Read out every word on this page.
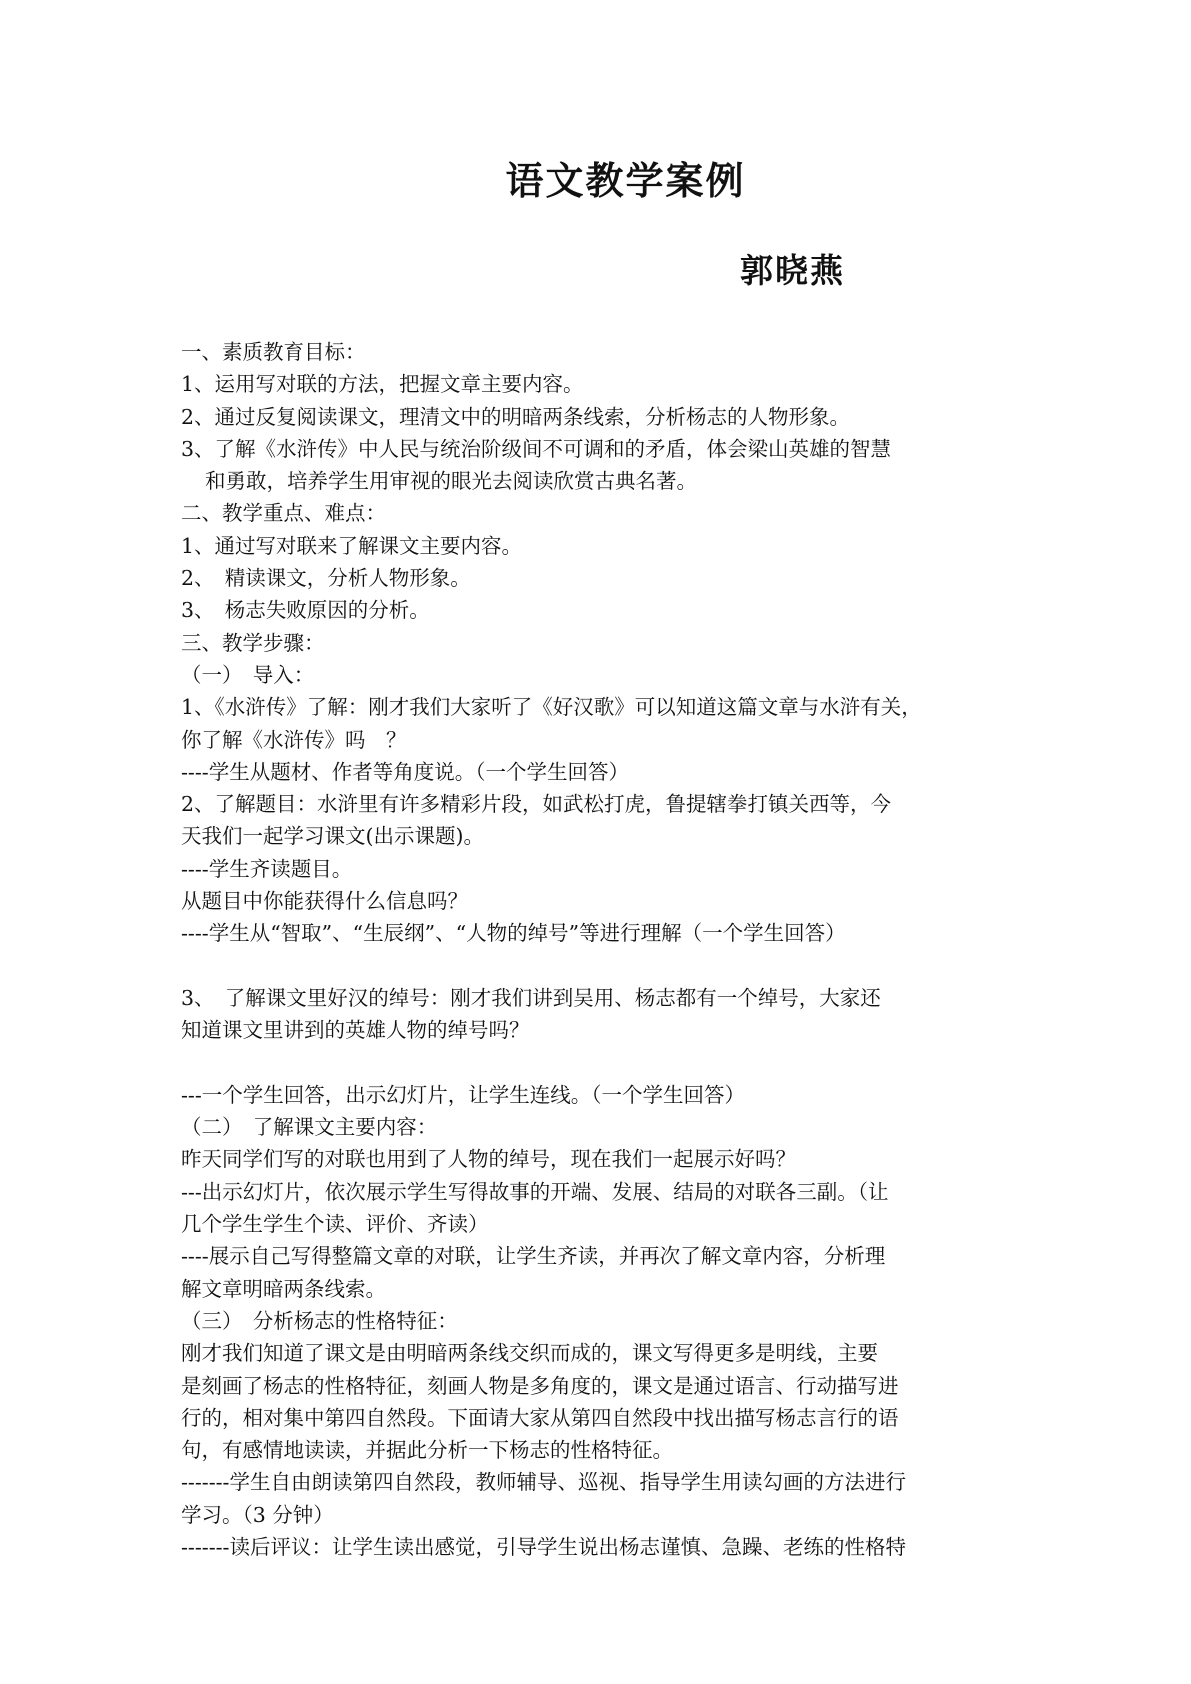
语文教学案例
郭晓燕
一、素质教育目标：
1、运用写对联的方法，把握文章主要内容。
2、通过反复阅读课文，理清文中的明暗两条线索，分析杨志的人物形象。
3、了解《水浒传》中人民与统治阶级间不可调和的矛盾，体会梁山英雄的智慧
和勇敢，培养学生用审视的眼光去阅读欣赏古典名著。
二、教学重点、难点：
1、通过写对联来了解课文主要内容。
2、　精读课文，分析人物形象。
3、　杨志失败原因的分析。
三、教学步骤：
（一）　导入：
1、《水浒传》了解：刚才我们大家听了《好汉歌》可以知道这篇文章与水浒有关，
你了解《水浒传》吗　？
----学生从题材、作者等角度说。（一个学生回答）
2、了解题目：水浒里有许多精彩片段，如武松打虎，鲁提辖拳打镇关西等，今
天我们一起学习课文(出示课题)。
----学生齐读题目。
从题目中你能获得什么信息吗？
----学生从“智取”、“生辰纲”、“人物的绰号”等进行理解（一个学生回答）
3、　了解课文里好汉的绰号：刚才我们讲到吴用、杨志都有一个绰号，大家还
知道课文里讲到的英雄人物的绰号吗？
---一个学生回答，出示幻灯片，让学生连线。（一个学生回答）
（二）　了解课文主要内容：
昨天同学们写的对联也用到了人物的绰号，现在我们一起展示好吗？
---出示幻灯片，依次展示学生写得故事的开端、发展、结局的对联各三副。（让
几个学生学生个读、评价、齐读）
----展示自己写得整篇文章的对联，让学生齐读，并再次了解文章内容，分析理
解文章明暗两条线索。
（三）　分析杨志的性格特征：
刚才我们知道了课文是由明暗两条线交织而成的，课文写得更多是明线，主要
是刻画了杨志的性格特征，刻画人物是多角度的，课文是通过语言、行动描写进
行的，相对集中第四自然段。下面请大家从第四自然段中找出描写杨志言行的语
句，有感情地读读，并据此分析一下杨志的性格特征。
-------学生自由朗读第四自然段，教师辅导、巡视、指导学生用读勾画的方法进行
学习。（3 分钟）
-------读后评议：让学生读出感觉，引导学生说出杨志谨慎、急躁、老练的性格特
